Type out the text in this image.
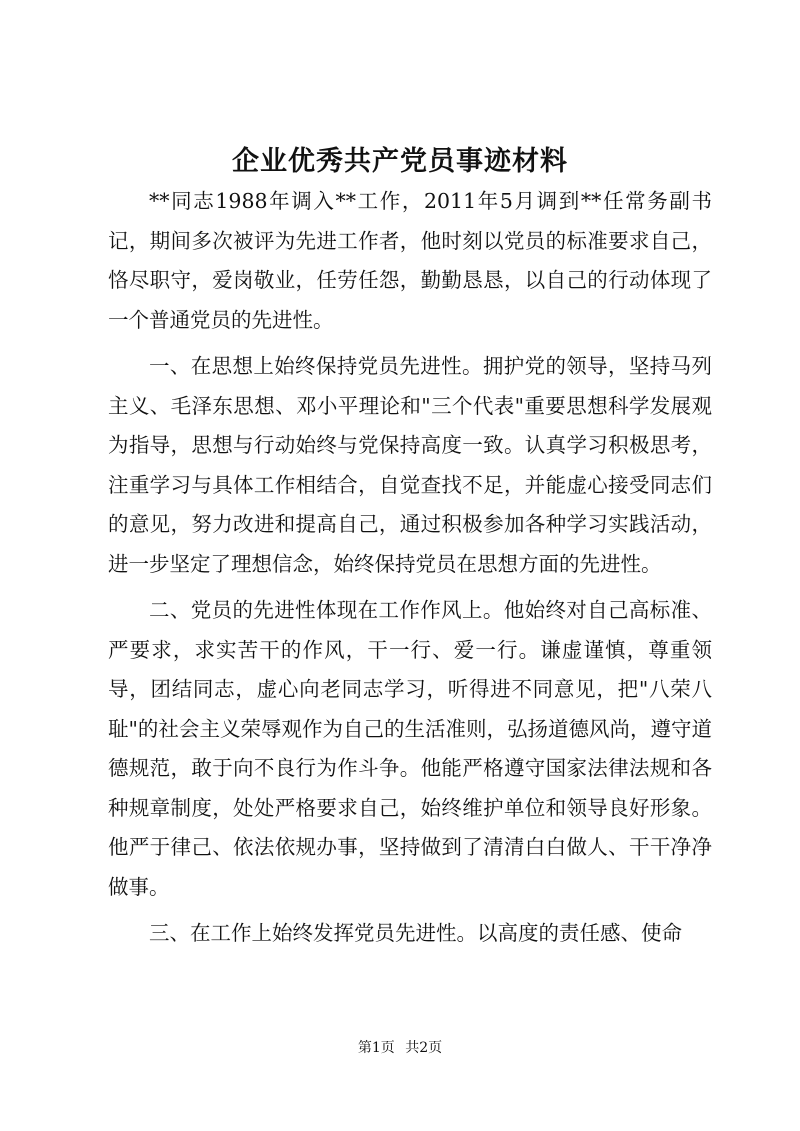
企业优秀共产党员事迹材料

**同志1988年调入**工作，2011年5月调到**任常务副书记，期间多次被评为先进工作者，他时刻以党员的标准要求自己，恪尽职守，爱岗敬业，任劳任怨，勤勤恳恳，以自己的行动体现了一个普通党员的先进性。

一、在思想上始终保持党员先进性。拥护党的领导，坚持马列主义、毛泽东思想、邓小平理论和"三个代表"重要思想科学发展观为指导，思想与行动始终与党保持高度一致。认真学习积极思考，注重学习与具体工作相结合，自觉查找不足，并能虚心接受同志们的意见，努力改进和提高自己，通过积极参加各种学习实践活动，进一步坚定了理想信念，始终保持党员在思想方面的先进性。

二、党员的先进性体现在工作作风上。他始终对自己高标准、严要求，求实苦干的作风，干一行、爱一行。谦虚谨慎，尊重领导，团结同志，虚心向老同志学习，听得进不同意见，把"八荣八耻"的社会主义荣辱观作为自己的生活准则，弘扬道德风尚，遵守道德规范，敢于向不良行为作斗争。他能严格遵守国家法律法规和各种规章制度，处处严格要求自己，始终维护单位和领导良好形象。他严于律己、依法依规办事，坚持做到了清清白白做人、干干净净做事。

三、在工作上始终发挥党员先进性。以高度的责任感、使命

第1页 共2页
